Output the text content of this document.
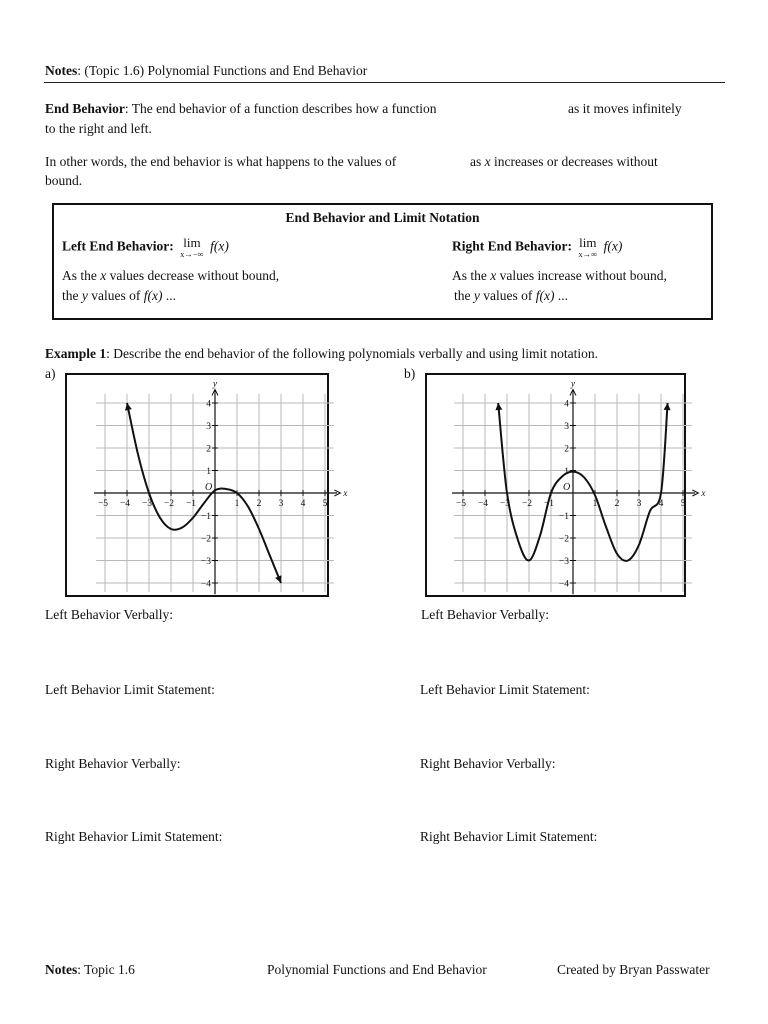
Notes: (Topic 1.6) Polynomial Functions and End Behavior
End Behavior: The end behavior of a function describes how a function	as it moves infinitely
to the right and left.
In other words, the end behavior is what happens to the values of	as x increases or decreases without
bound.
End Behavior and Limit Notation
Left End Behavior: lim
x→−∞
f(x)
As the x values decrease without bound,
the y values of f(x) ...
Right End Behavior: lim
x→∞
f(x)
As the x values increase without bound,
the y values of f(x) ...
Example 1: Describe the end behavior of the following polynomials verbally and using limit notation.
a)	b)
−5 −4 −3 −2 −1	1 2 3 4 5
4
3
2
1
−1
−2
−3
−4
x
y
O
−5 −4 −3 −2 −1	1 2 3 4 5
4
3
2
1
−1
−2
−3
−4
x
y
O
Left Behavior Verbally:
Left Behavior Limit Statement:
Right Behavior Verbally:
Right Behavior Limit Statement:
Left Behavior Verbally:
Left Behavior Limit Statement:
Right Behavior Verbally:
Right Behavior Limit Statement:
Notes: Topic 1.6	Polynomial Functions and End Behavior	Created by Bryan Passwater
